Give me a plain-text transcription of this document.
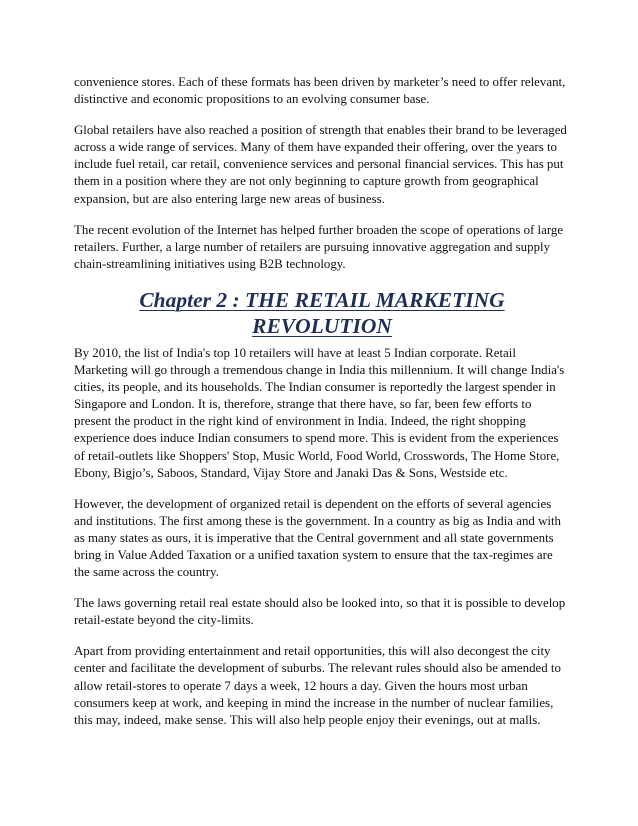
convenience stores. Each of these formats has been driven by marketer’s need to offer relevant, distinctive and economic propositions to an evolving consumer base.

Global retailers have also reached a position of strength that enables their brand to be leveraged across a wide range of services. Many of them have expanded their offering, over the years to include fuel retail, car retail, convenience services and personal financial services. This has put them in a position where they are not only beginning to capture growth from geographical expansion, but are also entering large new areas of business.

The recent evolution of the Internet has helped further broaden the scope of operations of large retailers. Further, a large number of retailers are pursuing innovative aggregation and supply chain-streamlining initiatives using B2B technology.

Chapter 2 : THE RETAIL MARKETING REVOLUTION

By 2010, the list of India's top 10 retailers will have at least 5 Indian corporate. Retail Marketing will go through a tremendous change in India this millennium. It will change India's cities, its people, and its households. The Indian consumer is reportedly the largest spender in Singapore and London. It is, therefore, strange that there have, so far, been few efforts to present the product in the right kind of environment in India. Indeed, the right shopping experience does induce Indian consumers to spend more. This is evident from the experiences of retail-outlets like Shoppers' Stop, Music World, Food World, Crosswords, The Home Store, Ebony, Bigjo’s, Saboos, Standard, Vijay Store and Janaki Das & Sons, Westside etc.

However, the development of organized retail is dependent on the efforts of several agencies and institutions. The first among these is the government. In a country as big as India and with as many states as ours, it is imperative that the Central government and all state governments bring in Value Added Taxation or a unified taxation system to ensure that the tax-regimes are the same across the country.

The laws governing retail real estate should also be looked into, so that it is possible to develop retail-estate beyond the city-limits.

Apart from providing entertainment and retail opportunities, this will also decongest the city center and facilitate the development of suburbs. The relevant rules should also be amended to allow retail-stores to operate 7 days a week, 12 hours a day. Given the hours most urban consumers keep at work, and keeping in mind the increase in the number of nuclear families, this may, indeed, make sense. This will also help people enjoy their evenings, out at malls.
